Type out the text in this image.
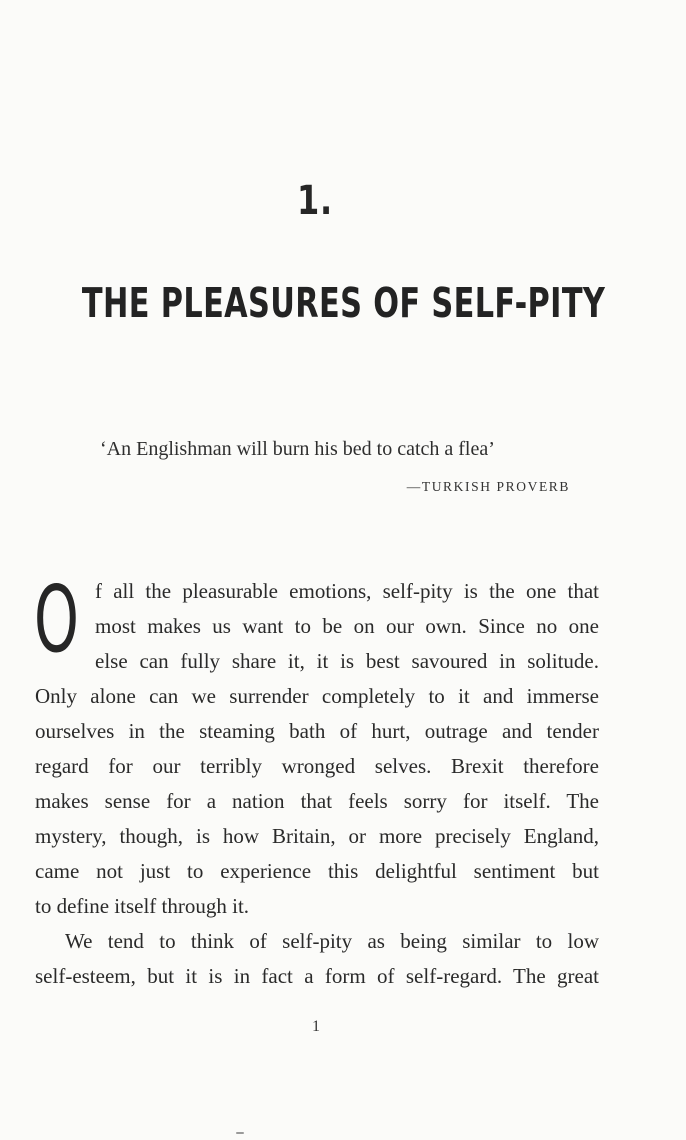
1.
THE PLEASURES OF SELF-PITY
‘An Englishman will burn his bed to catch a flea’
—TURKISH PROVERB
O f all the pleasurable emotions, self-pity is the one that
most makes us want to be on our own. Since no one
else can fully share it, it is best savoured in solitude.
Only alone can we surrender completely to it and immerse
ourselves in the steaming bath of hurt, outrage and tender
regard for our terribly wronged selves. Brexit therefore
makes sense for a nation that feels sorry for itself. The
mystery, though, is how Britain, or more precisely England,
came not just to experience this delightful sentiment but
to define itself through it.
We tend to think of self-pity as being similar to low
self-esteem, but it is in fact a form of self-regard. The great
1
